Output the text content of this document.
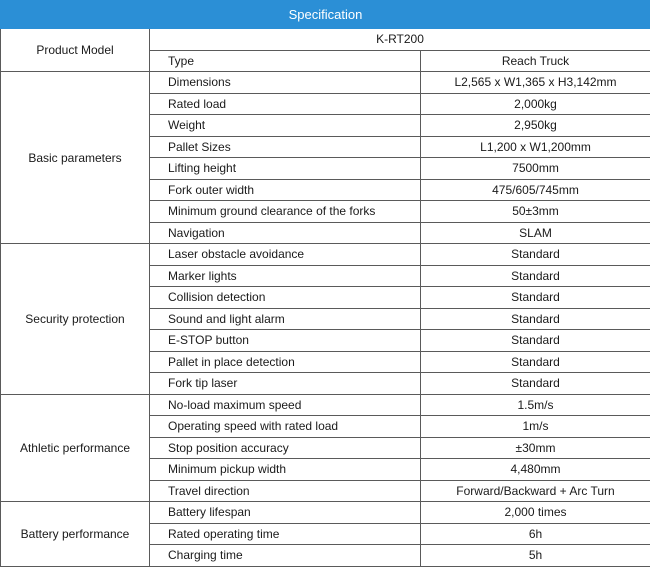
Specification		
Product Model	K-RT200	
	Type	Reach Truck
Basic parameters	Dimensions	L2,565 x W1,365 x H3,142mm
	Rated load	2,000kg
	Weight	2,950kg
	Pallet Sizes	L1,200 x W1,200mm
	Lifting height	7500mm
	Fork outer width	475/605/745mm
	Minimum ground clearance of the forks	50±3mm
	Navigation	SLAM
Security protection	Laser obstacle avoidance	Standard
	Marker lights	Standard
	Collision detection	Standard
	Sound and light alarm	Standard
	E-STOP button	Standard
	Pallet in place detection	Standard
	Fork tip laser	Standard
Athletic performance	No-load maximum speed	1.5m/s
	Operating speed with rated load	1m/s
	Stop position accuracy	±30mm
	Minimum pickup width	4,480mm
	Travel direction	Forward/Backward + Arc Turn
Battery performance	Battery lifespan	2,000 times
	Rated operating time	6h
	Charging time	5h
